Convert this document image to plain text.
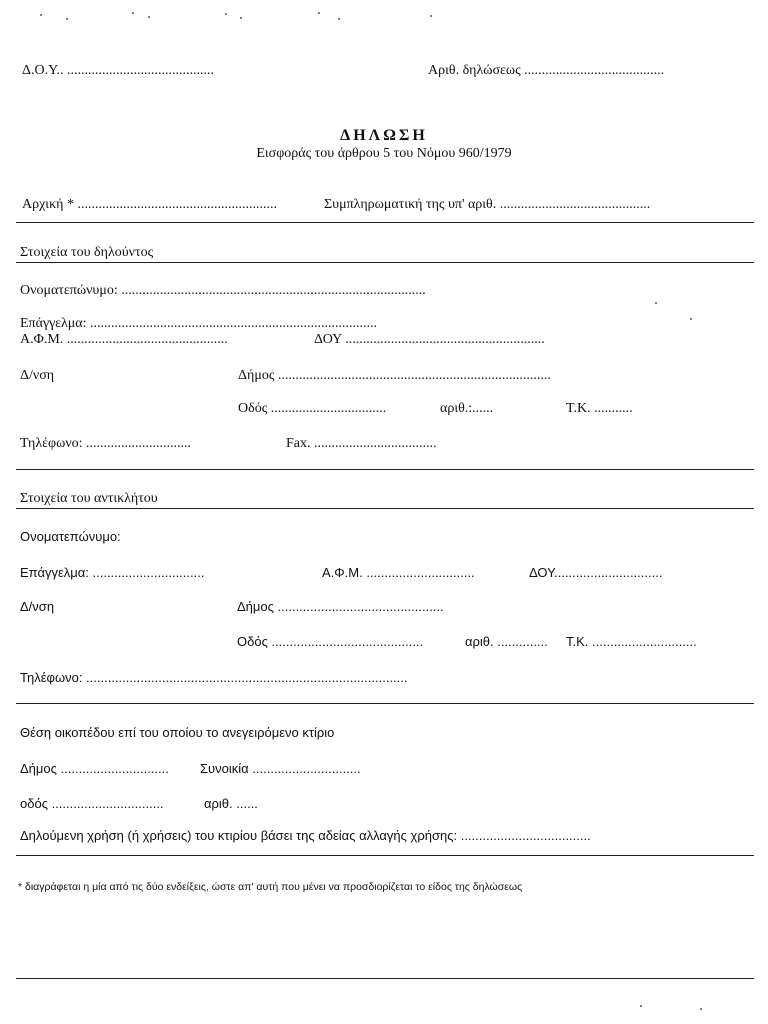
Δ.Ο.Υ.. ..........................................	Αριθ. δηλώσεως ........................................
ΔΗΛΩΣΗ
Εισφοράς του άρθρου 5 του Νόμου 960/1979
Αρχική * .........................................................	Συμπληρωματική της υπ' αριθ. ...........................................
Στοιχεία του δηλούντος
Ονοματεπώνυμο: .......................................................................................
Επάγγελμα: ..................................................................................
Α.Φ.Μ. ..............................................	ΔΟΥ .........................................................
Δ/νση	Δήμος ..............................................................................
Οδός .................................	αριθ.:......	Τ.Κ. ...........
Τηλέφωνο: ..............................	Fax. ...................................
Στοιχεία του αντικλήτου
Ονοματεπώνυμο:
Επάγγελμα: ...............................	Α.Φ.Μ. ..............................	ΔΟΥ..............................
Δ/νση	Δήμος ..............................................
Οδός ..........................................	αριθ. .............. Τ.Κ. .............................
Τηλέφωνο: .........................................................................................
Θέση οικοπέδου επί του οποίου το ανεγειρόμενο κτίριο
Δήμος .............................. Συνοικία ..............................
οδός ...............................	αριθ. ......
Δηλούμενη χρήση (ή χρήσεις) του κτιρίου βάσει της αδείας αλλαγής χρήσης: ....................................
* διαγράφεται η μία από τις δύο ενδείξεις, ώστε απ' αυτή που μένει να προσδιορίζεται το είδος της δηλώσεως
